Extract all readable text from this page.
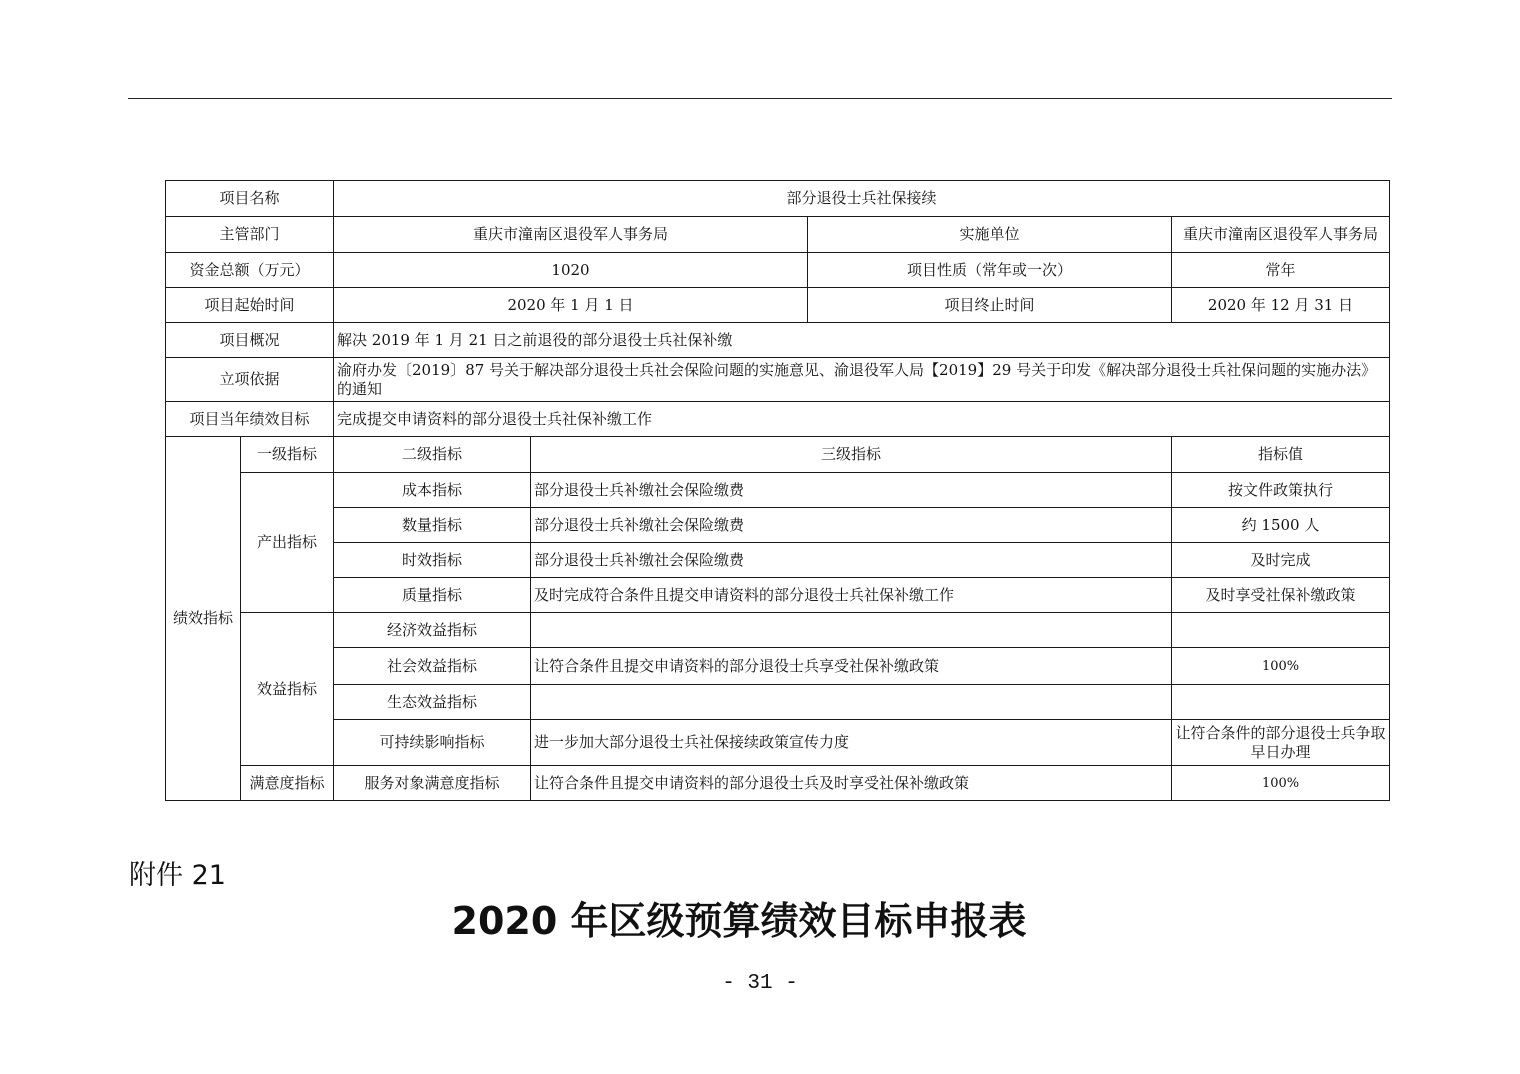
项目名称		部分退役士兵社保接续			
主管部门		重庆市潼南区退役军人事务局		实施单位	重庆市潼南区退役军人事务局
资金总额（万元）		1020		项目性质（常年或一次）	常年
项目起始时间		2020 年 1 月 1 日		项目终止时间	2020 年 12 月 31 日
项目概况		解决 2019 年 1 月 21 日之前退役的部分退役士兵社保补缴			
立项依据		渝府办发〔2019〕87 号关于解决部分退役士兵社会保险问题的实施意见、渝退役军人局【2019】29 号关于印发《解决部分退役士兵社保问题的实施办法》的通知			
项目当年绩效目标		完成提交申请资料的部分退役士兵社保补缴工作			
绩效指标	一级指标	二级指标	三级指标		指标值
	产出指标	成本指标	部分退役士兵补缴社会保险缴费		按文件政策执行
		数量指标	部分退役士兵补缴社会保险缴费		约 1500 人
		时效指标	部分退役士兵补缴社会保险缴费		及时完成
		质量指标	及时完成符合条件且提交申请资料的部分退役士兵社保补缴工作		及时享受社保补缴政策
	效益指标	经济效益指标			
		社会效益指标	让符合条件且提交申请资料的部分退役士兵享受社保补缴政策		100%
		生态效益指标			
		可持续影响指标	进一步加大部分退役士兵社保接续政策宣传力度		让符合条件的部分退役士兵争取早日办理
	满意度指标	服务对象满意度指标	让符合条件且提交申请资料的部分退役士兵及时享受社保补缴政策		100%
附件 21
2020 年区级预算绩效目标申报表
- 31 -
